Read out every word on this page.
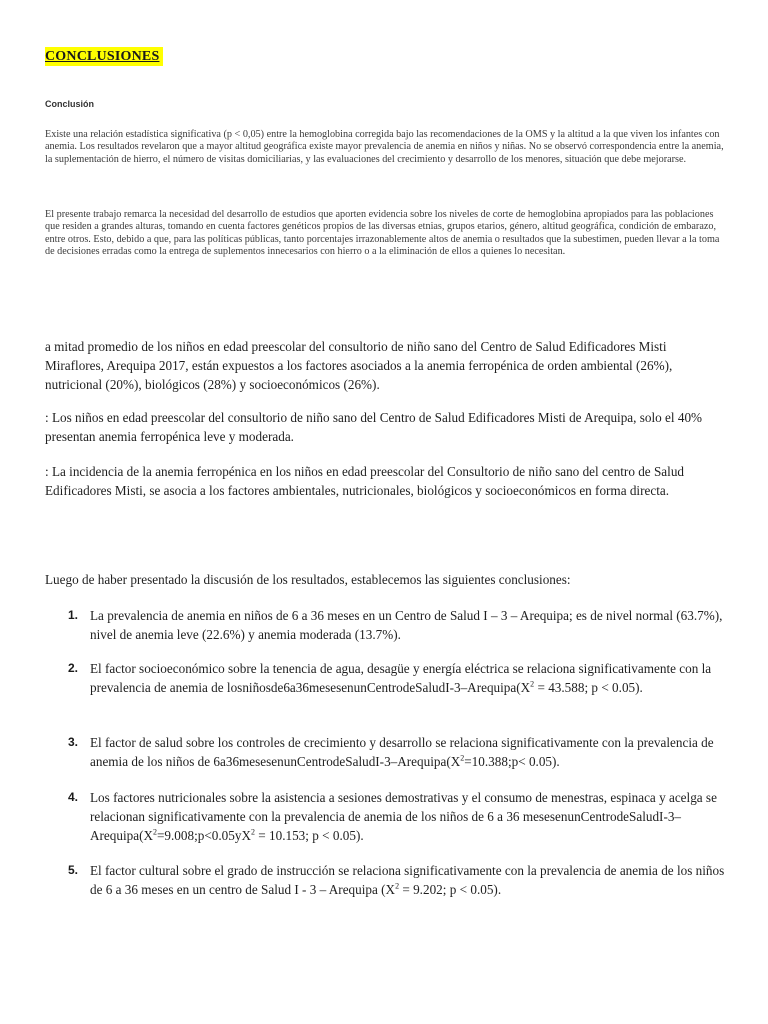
CONCLUSIONES
Conclusión
Existe una relación estadística significativa (p < 0,05) entre la hemoglobina corregida bajo las recomendaciones de la OMS y la altitud a la que viven los infantes con anemia. Los resultados revelaron que a mayor altitud geográfica existe mayor prevalencia de anemia en niños y niñas. No se observó correspondencia entre la anemia, la suplementación de hierro, el número de visitas domiciliarias, y las evaluaciones del crecimiento y desarrollo de los menores, situación que debe mejorarse.
El presente trabajo remarca la necesidad del desarrollo de estudios que aporten evidencia sobre los niveles de corte de hemoglobina apropiados para las poblaciones que residen a grandes alturas, tomando en cuenta factores genéticos propios de las diversas etnias, grupos etarios, género, altitud geográfica, condición de embarazo, entre otros. Esto, debido a que, para las políticas públicas, tanto porcentajes irrazonablemente altos de anemia o resultados que la subestimen, pueden llevar a la toma de decisiones erradas como la entrega de suplementos innecesarios con hierro o a la eliminación de ellos a quienes lo necesitan.
a mitad promedio de los niños en edad preescolar del consultorio de niño sano del Centro de Salud Edificadores Misti Miraflores, Arequipa 2017, están expuestos a los factores asociados a la anemia ferropénica de orden ambiental (26%), nutricional (20%), biológicos (28%) y socioeconómicos (26%).
: Los niños en edad preescolar del consultorio de niño sano del Centro de Salud Edificadores Misti de Arequipa, solo el 40% presentan anemia ferropénica leve y moderada.
: La incidencia de la anemia ferropénica en los niños en edad preescolar del Consultorio de niño sano del centro de Salud Edificadores Misti, se asocia a los factores ambientales, nutricionales, biológicos y socioeconómicos en forma directa.
Luego de haber presentado la discusión de los resultados, establecemos las siguientes conclusiones:
1. La prevalencia de anemia en niños de 6 a 36 meses en un Centro de Salud I – 3 – Arequipa; es de nivel normal (63.7%), nivel de anemia leve (22.6%) y anemia moderada (13.7%).
2. El factor socioeconómico sobre la tenencia de agua, desagüe y energía eléctrica se relaciona significativamente con la prevalencia de anemia de $losniñosde6a36mesesenunCentrodeSaludI-3-Arequipa(X^2 = 43.588$; p < 0.05).
3. El factor de salud sobre los controles de crecimiento y desarrollo se relaciona significativamente con la prevalencia de anemia de los niños de $6a36mesesenunCentrodeSaludI-3-Arequipa(X^2=10.388;p< 0.05)$.
4. Los factores nutricionales sobre la asistencia a sesiones demostrativas y el consumo de menestras, espinaca y acelga se relacionan significativamente con la prevalencia de anemia de los niños de 6 a 36 mesesenunCentrodeSaludI-$3-Arequipa(X^2=9.008;p<0.05yX^2 = 10.153$; p < 0.05).
5. El factor cultural sobre el grado de instrucción se relaciona significativamente con la prevalencia de anemia de los niños de 6 a 36 meses en un centro de Salud I - 3 – Arequipa ($X^2 = 9.202$; p < 0.05).
